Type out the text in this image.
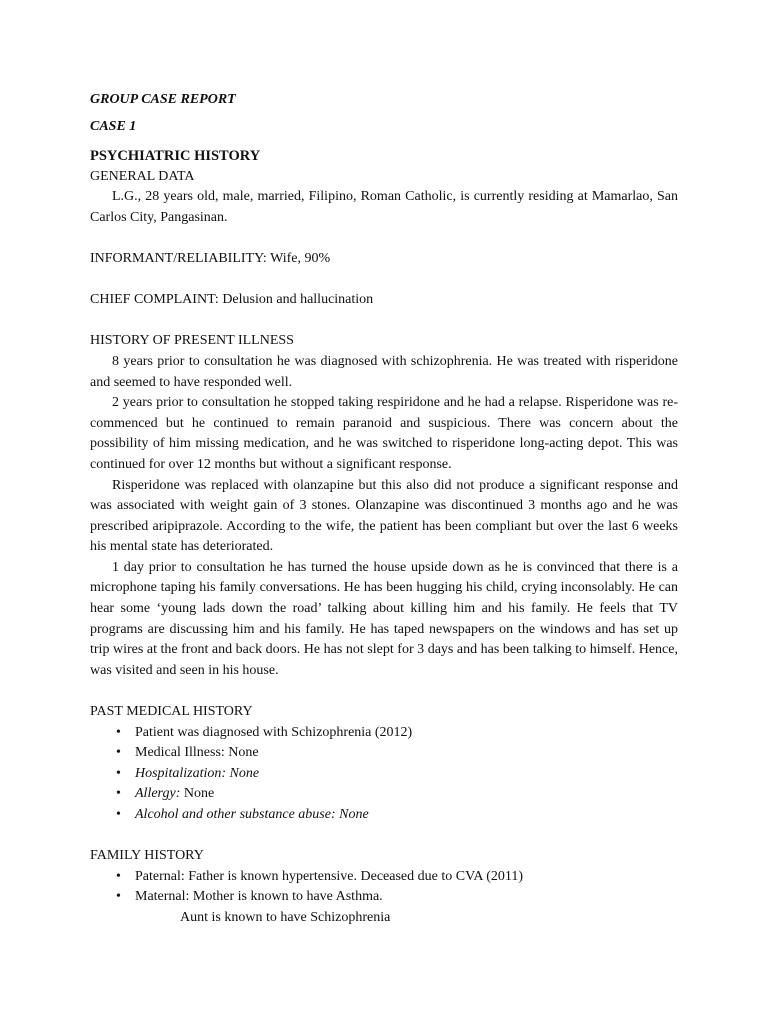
GROUP CASE REPORT

CASE 1

PSYCHIATRIC HISTORY

GENERAL DATA

L.G., 28 years old, male, married, Filipino, Roman Catholic, is currently residing at Mamarlao, San Carlos City, Pangasinan.

INFORMANT/RELIABILITY: Wife, 90%

CHIEF COMPLAINT: Delusion and hallucination

HISTORY OF PRESENT ILLNESS

8 years prior to consultation he was diagnosed with schizophrenia. He was treated with risperidone and seemed to have responded well.

2 years prior to consultation he stopped taking respiridone and he had a relapse. Risperidone was re-commenced but he continued to remain paranoid and suspicious. There was concern about the possibility of him missing medication, and he was switched to risperidone long-acting depot. This was continued for over 12 months but without a significant response.

Risperidone was replaced with olanzapine but this also did not produce a significant response and was associated with weight gain of 3 stones. Olanzapine was discontinued 3 months ago and he was prescribed aripiprazole. According to the wife, the patient has been compliant but over the last 6 weeks his mental state has deteriorated.

1 day prior to consultation he has turned the house upside down as he is convinced that there is a microphone taping his family conversations. He has been hugging his child, crying inconsolably. He can hear some ‘young lads down the road’ talking about killing him and his family. He feels that TV programs are discussing him and his family. He has taped newspapers on the windows and has set up trip wires at the front and back doors. He has not slept for 3 days and has been talking to himself. Hence, was visited and seen in his house.

PAST MEDICAL HISTORY

• Patient was diagnosed with Schizophrenia (2012)
• Medical Illness: None
• Hospitalization: None
• Allergy: None
• Alcohol and other substance abuse: None

FAMILY HISTORY

• Paternal: Father is known hypertensive. Deceased due to CVA (2011)
• Maternal: Mother is known to have Asthma.

Aunt is known to have Schizophrenia
